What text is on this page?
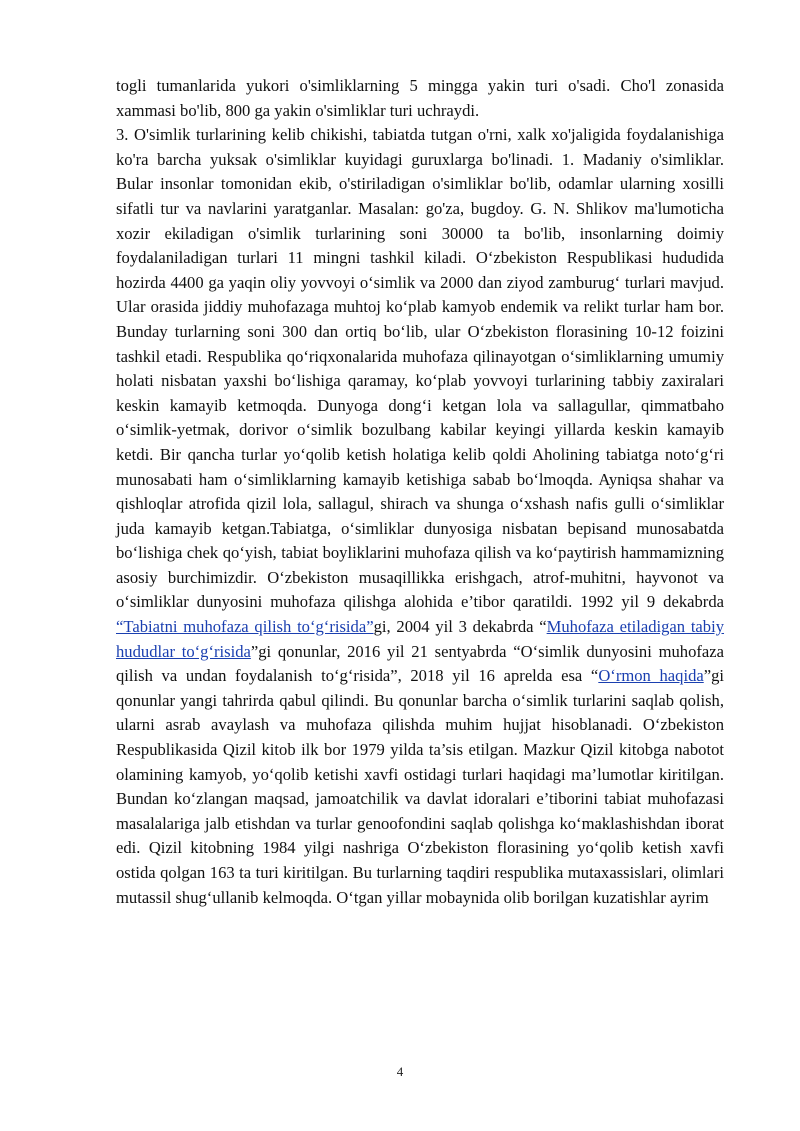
togli tumanlarida yukori o'simliklarning 5 mingga yakin turi o'sadi. Cho'l zonasida xammasi bo'lib, 800 ga yakin o'simliklar turi uchraydi.

3. O'simlik turlarining kelib chikishi, tabiatda tutgan o'rni, xalk xo'jaligida foydalanishiga ko'ra barcha yuksak o'simliklar kuyidagi guruxlarga bo'linadi. 1. Madaniy o'simliklar. Bular insonlar tomonidan ekib, o'stiriladigan o'simliklar bo'lib, odamlar ularning xosilli sifatli tur va navlarini yaratganlar. Masalan: go'za, bugdoy. G. N. Shlikov ma'lumoticha xozir ekiladigan o'simlik turlarining soni 30000 ta bo'lib, insonlarning doimiy foydalaniladigan turlari 11 mingni tashkil kiladi. O‘zbekiston Respublikasi hududida hozirda 4400 ga yaqin oliy yovvoyi o‘simlik va 2000 dan ziyod zamburug‘ turlari mavjud. Ular orasida jiddiy muhofazaga muhtoj ko‘plab kamyob endemik va relikt turlar ham bor. Bunday turlarning soni 300 dan ortiq bo‘lib, ular O‘zbekiston florasining 10-12 foizini tashkil etadi. Respublika qo‘riqxonalarida muhofaza qilinayotgan o‘simliklarning umumiy holati nisbatan yaxshi bo‘lishiga qaramay, ko‘plab yovvoyi turlarining tabbiy zaxiralari keskin kamayib ketmoqda. Dunyoga dong‘i ketgan lola va sallagullar, qimmatbaho o‘simlik-yetmak, dorivor o‘simlik bozulbang kabilar keyingi yillarda keskin kamayib ketdi. Bir qancha turlar yo‘qolib ketish holatiga kelib qoldi Aholining tabiatga noto‘g‘ri munosabati ham o‘simliklarning kamayib ketishiga sabab bo‘lmoqda. Ayniqsa shahar va qishloqlar atrofida qizil lola, sallagul, shirach va shunga o‘xshash nafis gulli o‘simliklar juda kamayib ketgan.Tabiatga, o‘simliklar dunyosiga nisbatan bepisand munosabatda bo‘lishiga chek qo‘yish, tabiat boyliklarini muhofaza qilish va ko‘paytirish hammamizning asosiy burchimizdir. O‘zbekiston musaqillikka erishgach, atrof-muhitni, hayvonot va o‘simliklar dunyosini muhofaza qilishga alohida e’tibor qaratildi. 1992 yil 9 dekabrda “Tabiatni muhofaza qilish to‘g‘risida”gi, 2004 yil 3 dekabrda “Muhofaza etiladigan tabiy hududlar to‘g‘risida”gi qonunlar, 2016 yil 21 sentyabrda “O‘simlik dunyosini muhofaza qilish va undan foydalanish to‘g‘risida”, 2018 yil 16 aprelda esa “O‘rmon haqida”gi qonunlar yangi tahrirda qabul qilindi. Bu qonunlar barcha o‘simlik turlarini saqlab qolish, ularni asrab avaylash va muhofaza qilishda muhim hujjat hisoblanadi. O‘zbekiston Respublikasida Qizil kitob ilk bor 1979 yilda ta’sis etilgan. Mazkur Qizil kitobga nabotot olamining kamyob, yo‘qolib ketishi xavfi ostidagi turlari haqidagi ma’lumotlar kiritilgan. Bundan ko‘zlangan maqsad, jamoatchilik va davlat idoralari e’tiborini tabiat muhofazasi masalalariga jalb etishdan va turlar genoofondini saqlab qolishga ko‘maklashishdan iborat edi. Qizil kitobning 1984 yilgi nashriga O‘zbekiston florasining yo‘qolib ketish xavfi ostida qolgan 163 ta turi kiritilgan. Bu turlarning taqdiri respublika mutaxassislari, olimlari mutassil shug‘ullanib kelmoqda. O‘tgan yillar mobaynida olib borilgan kuzatishlar ayrim

4
